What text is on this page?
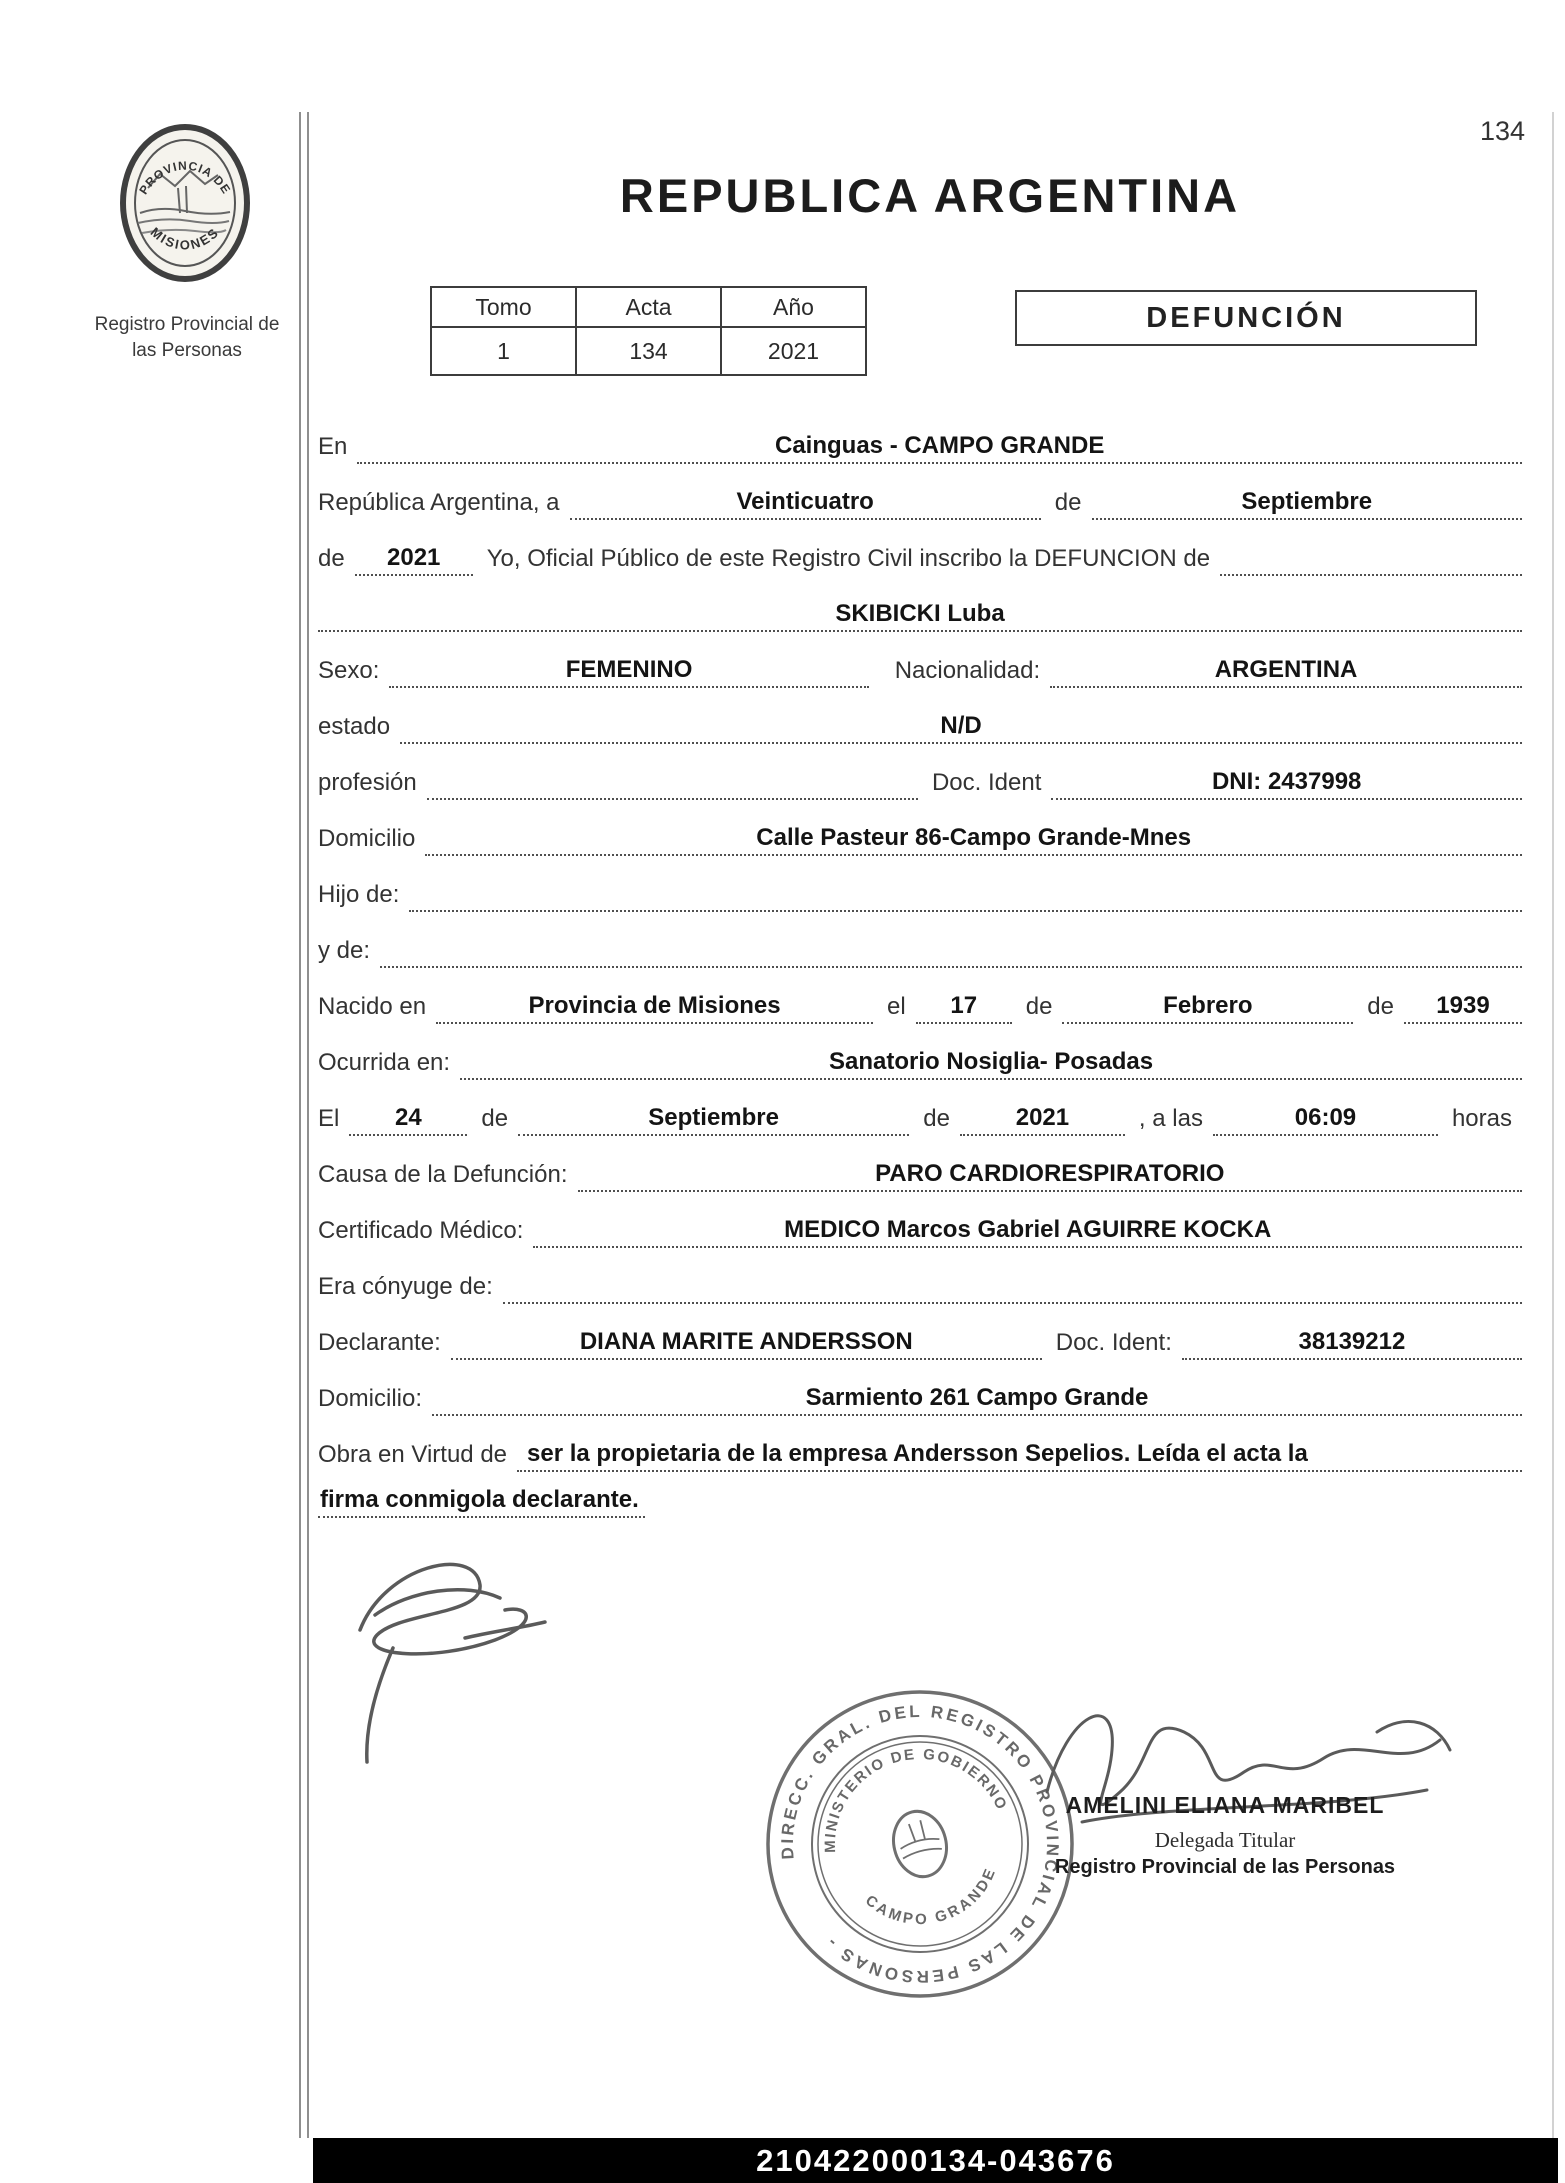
PROVINCIA DE
MISIONES
Registro Provincial de
las Personas
134
REPUBLICA ARGENTINA
Tomo	Acta	Año
1	134	2021
DEFUNCIÓN
En	Cainguas - CAMPO GRANDE
República Argentina, a	Veinticuatro	de	Septiembre
de	2021	Yo, Oficial Público de este Registro Civil inscribo la DEFUNCION de
SKIBICKI Luba
Sexo:	FEMENINO	Nacionalidad:	ARGENTINA
estado	N/D
profesión	Doc. Ident	DNI: 2437998
Domicilio	Calle Pasteur 86-Campo Grande-Mnes
Hijo de:
y de:
Nacido en	Provincia de Misiones	el	17	de	Febrero	de	1939
Ocurrida en:	Sanatorio Nosiglia- Posadas
El	24	de	Septiembre	de	2021	, a las	06:09	horas
Causa de la Defunción:	PARO CARDIORESPIRATORIO
Certificado Médico:	MEDICO Marcos Gabriel AGUIRRE KOCKA
Era cónyuge de:
Declarante:	DIANA MARITE ANDERSSON	Doc. Ident:	38139212
Domicilio:	Sarmiento 261 Campo Grande
Obra en Virtud de ser la propietaria de la empresa Andersson Sepelios. Leída el acta la
firma conmigola declarante.
DIRECC. GRAL. DEL REGISTRO PROVINCIAL DE LAS PERSONAS -
MINISTERIO DE GOBIERNO
CAMPO GRANDE
AMELINI ELIANA MARIBEL
Delegada Titular
Registro Provincial de las Personas
210422000134-043676
